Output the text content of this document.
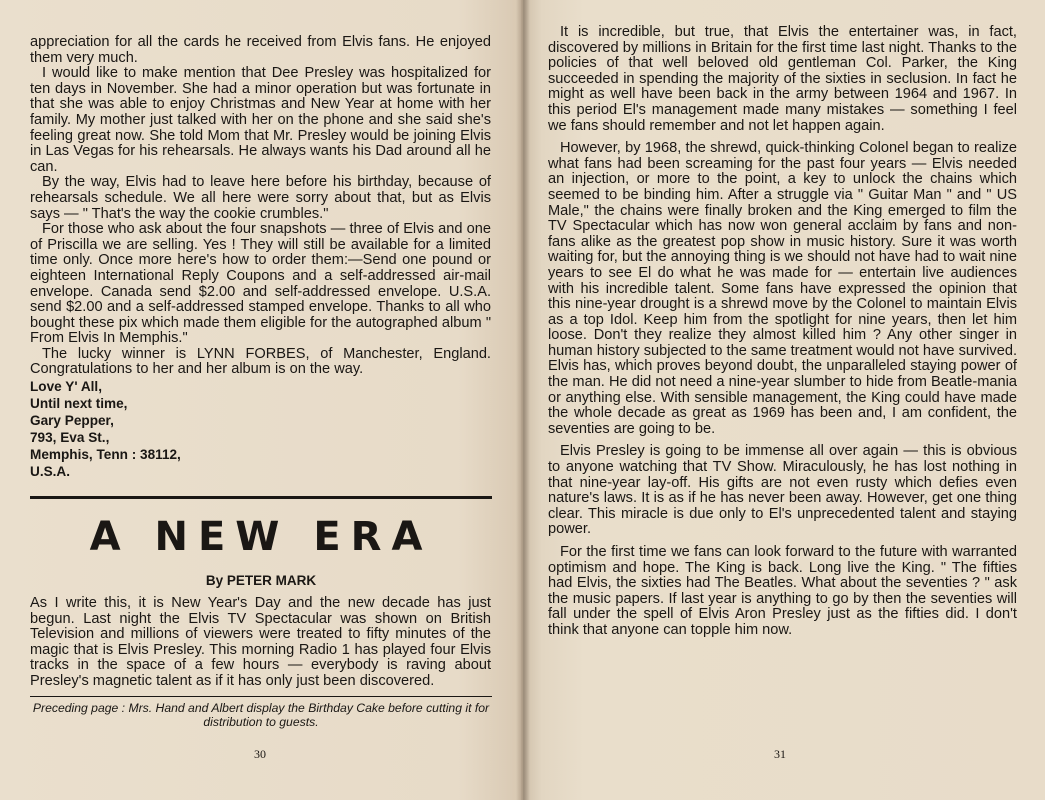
appreciation for all the cards he received from Elvis fans. He enjoyed them very much.

I would like to make mention that Dee Presley was hospitalized for ten days in November. She had a minor operation but was fortunate in that she was able to enjoy Christmas and New Year at home with her family. My mother just talked with her on the phone and she said she's feeling great now. She told Mom that Mr. Presley would be joining Elvis in Las Vegas for his rehearsals. He always wants his Dad around all he can.

By the way, Elvis had to leave here before his birthday, because of rehearsals schedule. We all here were sorry about that, but as Elvis says — " That's the way the cookie crumbles."

For those who ask about the four snapshots — three of Elvis and one of Priscilla we are selling. Yes ! They will still be available for a limited time only. Once more here's how to order them:—Send one pound or eighteen International Reply Coupons and a self-addressed air-mail envelope. Canada send $2.00 and self-addressed envelope. U.S.A. send $2.00 and a self-addressed stamped envelope. Thanks to all who bought these pix which made them eligible for the autographed album " From Elvis In Memphis."

The lucky winner is LYNN FORBES, of Manchester, England. Congratulations to her and her album is on the way.

Love Y' All,
Until next time,
Gary Pepper,
793, Eva St.,
Memphis, Tenn : 38112,
U.S.A.
A NEW ERA
By PETER MARK

As I write this, it is New Year's Day and the new decade has just begun. Last night the Elvis TV Spectacular was shown on British Television and millions of viewers were treated to fifty minutes of the magic that is Elvis Presley. This morning Radio 1 has played four Elvis tracks in the space of a few hours — everybody is raving about Presley's magnetic talent as if it has only just been discovered.

Preceding page : Mrs. Hand and Albert display the Birthday Cake before cutting it for distribution to guests.
30

It is incredible, but true, that Elvis the entertainer was, in fact, discovered by millions in Britain for the first time last night. Thanks to the policies of that well beloved old gentleman Col. Parker, the King succeeded in spending the majority of the sixties in seclusion. In fact he might as well have been back in the army between 1964 and 1967. In this period El's management made many mistakes — something I feel we fans should remember and not let happen again.

However, by 1968, the shrewd, quick-thinking Colonel began to realize what fans had been screaming for the past four years — Elvis needed an injection, or more to the point, a key to unlock the chains which seemed to be binding him. After a struggle via " Guitar Man " and " US Male," the chains were finally broken and the King emerged to film the TV Spectacular which has now won general acclaim by fans and non-fans alike as the greatest pop show in music history. Sure it was worth waiting for, but the annoying thing is we should not have had to wait nine years to see El do what he was made for — entertain live audiences with his incredible talent. Some fans have expressed the opinion that this nine-year drought is a shrewd move by the Colonel to maintain Elvis as a top Idol. Keep him from the spotlight for nine years, then let him loose. Don't they realize they almost killed him ? Any other singer in human history subjected to the same treatment would not have survived. Elvis has, which proves beyond doubt, the unparalleled staying power of the man. He did not need a nine-year slumber to hide from Beatle-mania or anything else. With sensible management, the King could have made the whole decade as great as 1969 has been and, I am confident, the seventies are going to be.

Elvis Presley is going to be immense all over again — this is obvious to anyone watching that TV Show. Miraculously, he has lost nothing in that nine-year lay-off. His gifts are not even rusty which defies even nature's laws. It is as if he has never been away. However, get one thing clear. This miracle is due only to El's unprecedented talent and staying power.

For the first time we fans can look forward to the future with warranted optimism and hope. The King is back. Long live the King. " The fifties had Elvis, the sixties had The Beatles. What about the seventies ? " ask the music papers. If last year is anything to go by then the seventies will fall under the spell of Elvis Aron Presley just as the fifties did. I don't think that anyone can topple him now.

31
